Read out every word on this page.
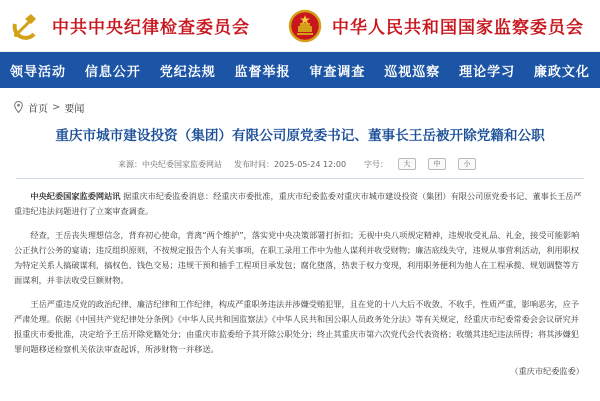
中共中央纪律检查委员会	中华人民共和国国家监察委员会
领导活动 信息公开 党纪法规 监督举报 审查调查 巡视巡察 理论学习 廉政文化
首页 > 要闻
重庆市城市建设投资（集团）有限公司原党委书记、董事长王岳被开除党籍和公职
来源：中央纪委国家监委网站 发布时间：2025-05-24 12:00 字号：	大	中	小

中央纪委国家监委网站讯 据重庆市纪委监委消息：经重庆市委批准，重庆市纪委监委对重庆市城市建设投资（集团）有限公司原党委书记、董事长王岳严重违纪违法问题进行了立案审查调查。

经查，王岳丧失理想信念，背弃初心使命，背离“两个维护”，落实党中央决策部署打折扣；无视中央八项规定精神，违规收受礼品、礼金，接受可能影响公正执行公务的宴请；违反组织原则，不按规定报告个人有关事项，在职工录用工作中为他人谋利并收受财物；廉洁底线失守，违规从事营利活动，利用职权为特定关系人搞破谋利，搞权色、钱色交易；违规干预和插手工程项目承发包；腐化堕落，热衷于权力变现，利用职务便利为他人在工程承揽、规划调整等方面谋利，并非法收受巨额财物。

王岳严重违反党的政治纪律、廉洁纪律和工作纪律，构成严重职务违法并涉嫌受贿犯罪，且在党的十八大后不收敛、不收手，性质严重，影响恶劣，应予严肃处理。依据《中国共产党纪律处分条例》《中华人民共和国监察法》《中华人民共和国公职人员政务处分法》等有关规定，经重庆市纪委常委会会议研究并报重庆市委批准，决定给予王岳开除党籍处分；由重庆市监委给予其开除公职处分；终止其重庆市第六次党代会代表资格；收缴其违纪违法所得；将其涉嫌犯罪问题移送检察机关依法审查起诉，所涉财物一并移送。

（重庆市纪委监委）
